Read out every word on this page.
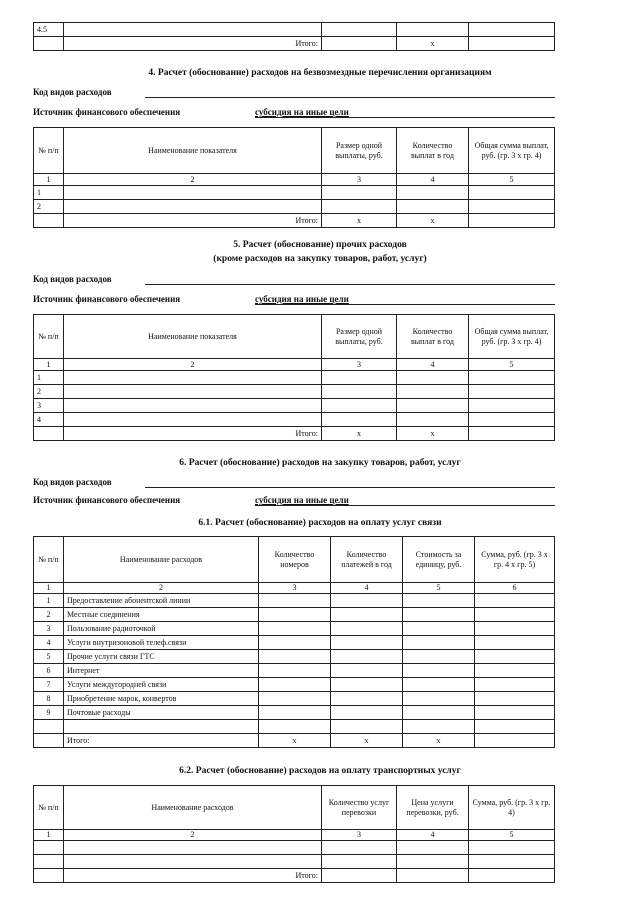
4.5				
	Итого:		x	
4. Расчет (обоснование) расходов на безвозмездные перечисления организациям
Код видов расходов
Источник финансового обеспечения	субсидия на иные цели
№ п/п	Наименование показателя	Размер одной выплаты, руб.	Количество выплат в год	Общая сумма выплат, руб. (гр. 3 х гр. 4)
1	2	3	4	5
1				
2				
	Итого:	x	x	
5. Расчет (обоснование) прочих расходов
(кроме расходов на закупку товаров, работ, услуг)
Код видов расходов
Источник финансового обеспечения	субсидия на иные цели
№ п/п	Наименование показателя	Размер одной выплаты, руб.	Количество выплат в год	Общая сумма выплат, руб. (гр. 3 х гр. 4)
1	2	3	4	5
1				
2				
3				
4				
	Итого:	x	x	
6. Расчет (обоснование) расходов на закупку товаров, работ, услуг
Код видов расходов
Источник финансового обеспечения	субсидия на иные цели
6.1. Расчет (обоснование) расходов на оплату услуг связи
№ п/п	Наименование расходов	Количество номеров	Количество платежей в год	Стоимость за единицу, руб.	Сумма, руб. (гр. 3 х гр. 4 х гр. 5)
1	2	3	4	5	6
1	Предоставление абонентской линии				
2	Местные соединения				
3	Пользование радиоточкой				
4	Услуги внутризоновой телеф.связи				
5	Прочие услуги связи ГТС				
6	Интернет				
7	Услуги междугородней связи				
8	Приобретение марок, конвертов				
9	Почтовые расходы				

	Итого:	x	x	x	
6.2. Расчет (обоснование) расходов на оплату транспортных услуг
№ п/п	Наименование расходов	Количество услуг перевозки	Цена услуги перевозки, руб.	Сумма, руб. (гр. 3 х гр. 4)
1	2	3	4	5

	Итого:			
